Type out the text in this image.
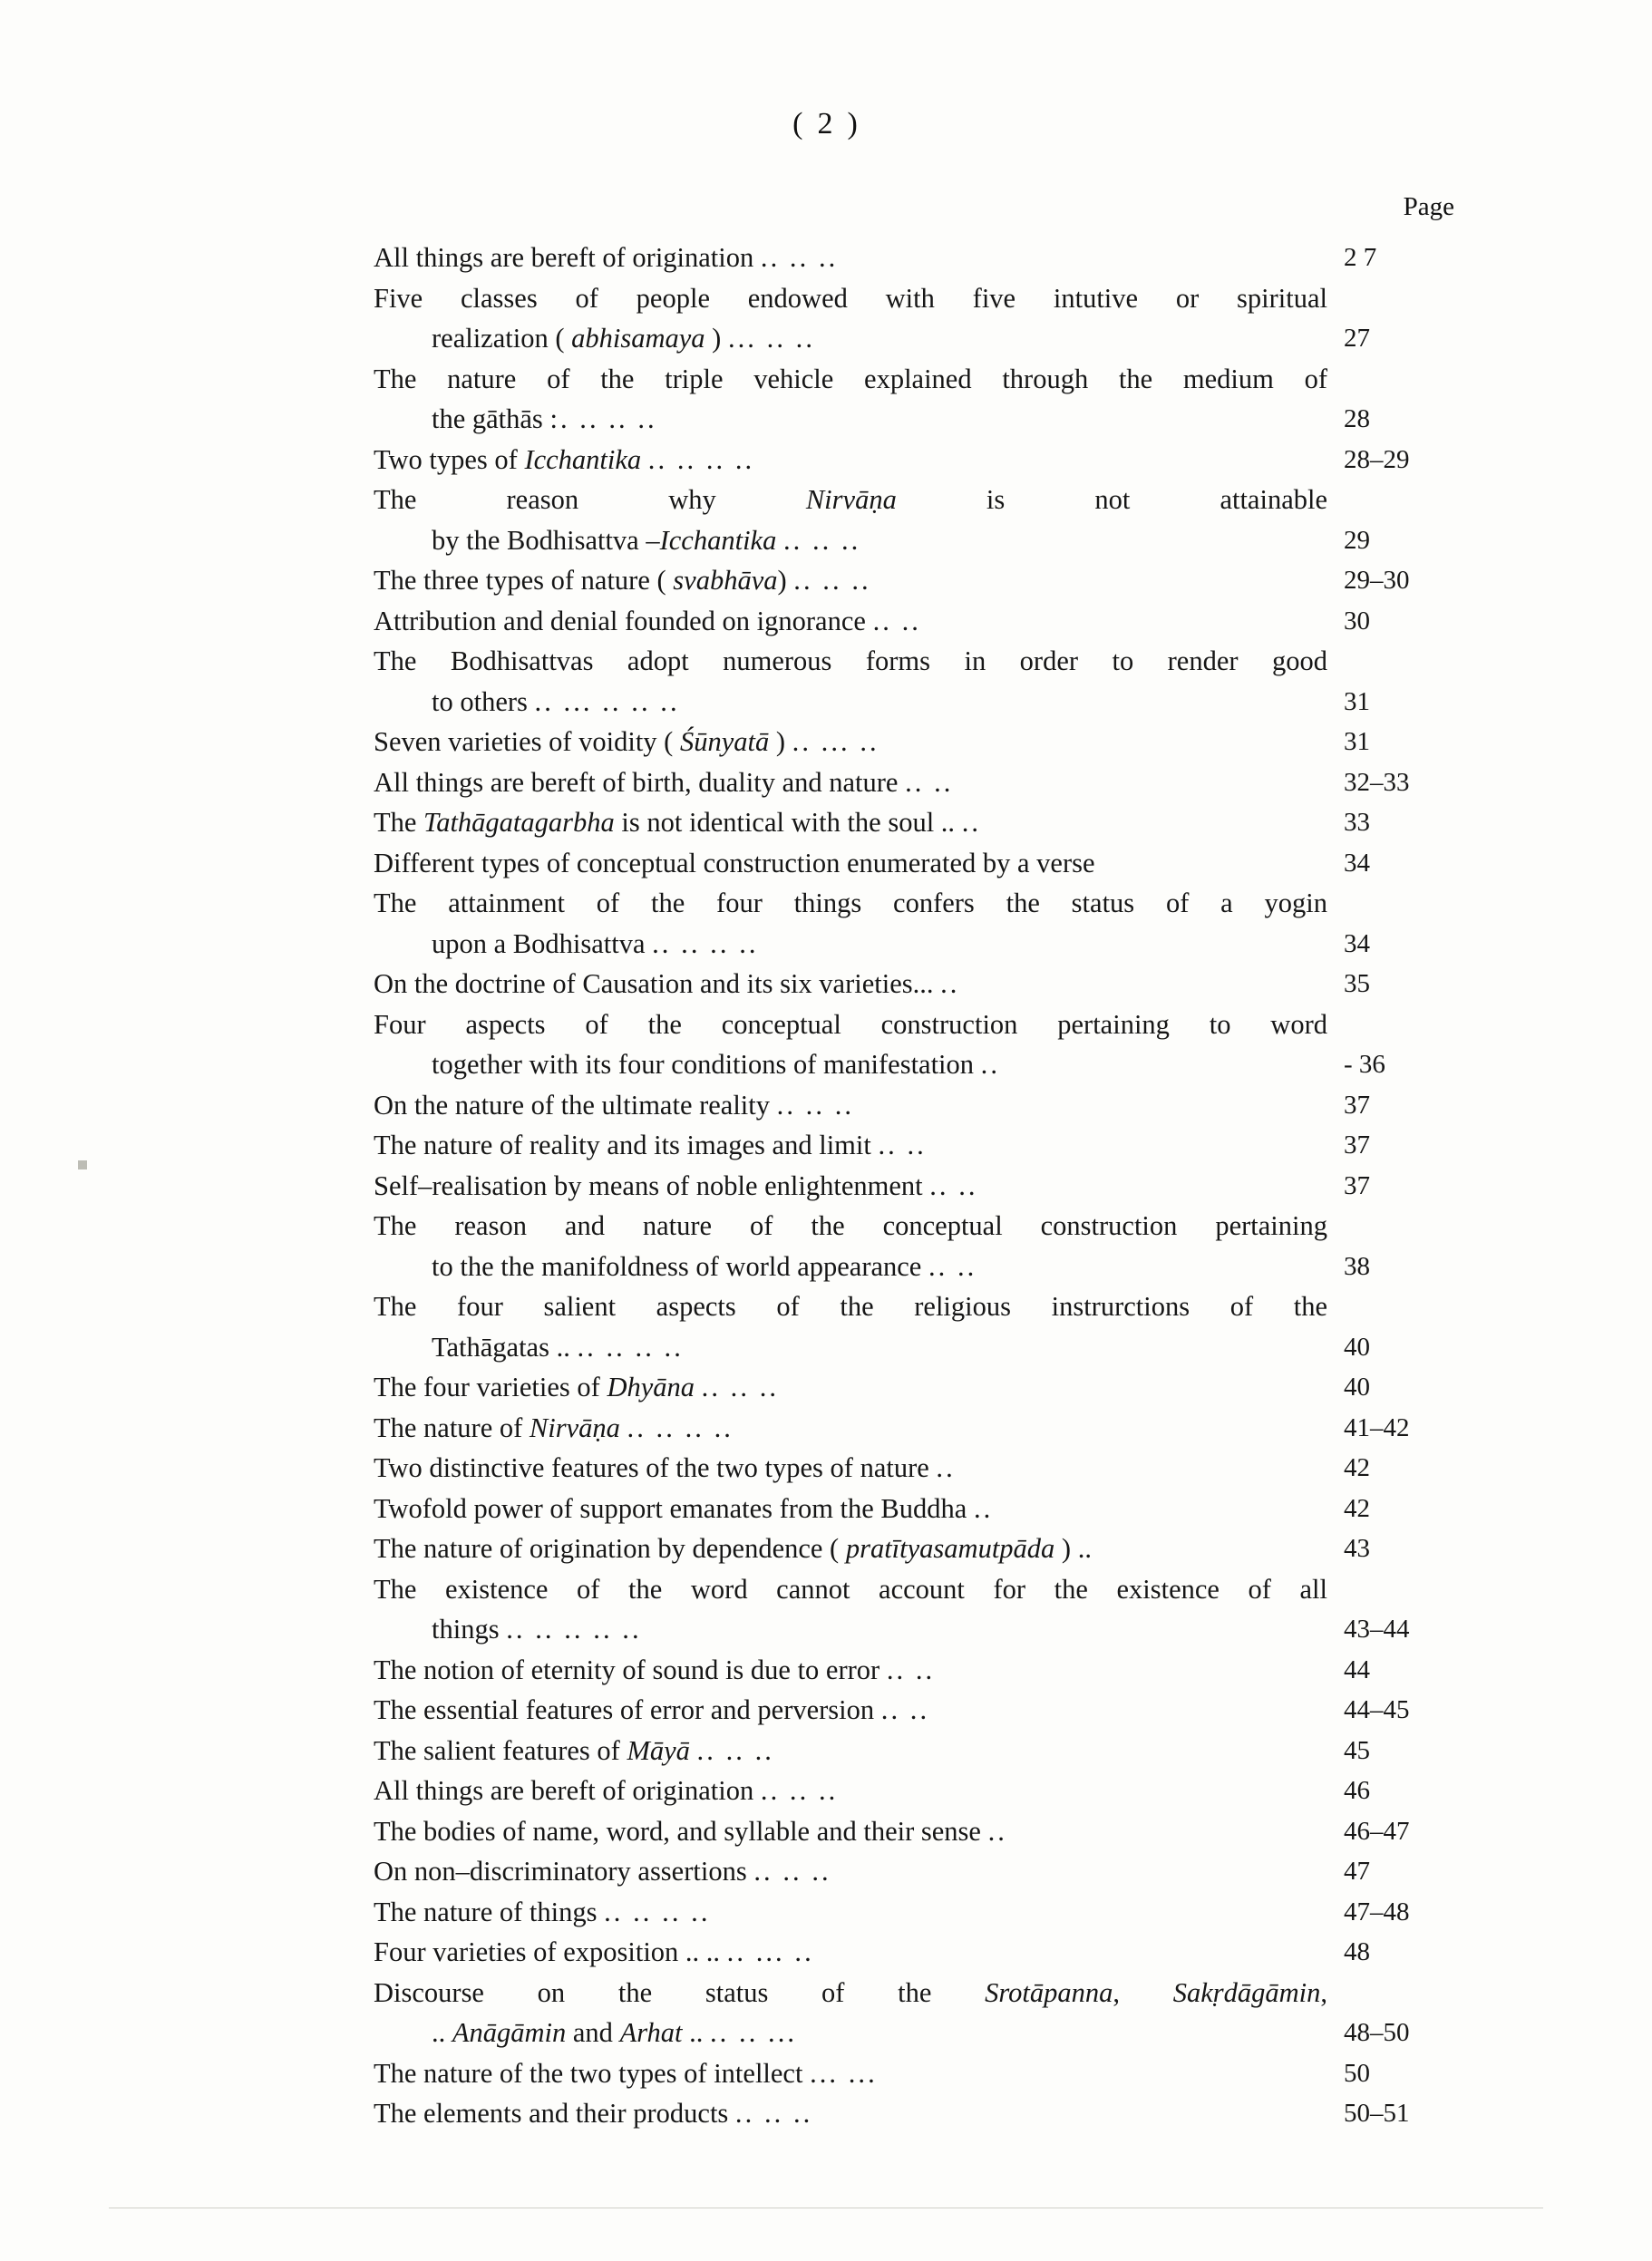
( 2 )
Page
All things are bereft of origination .. .. ..	2 7
Five classes of people endowed with five intutive or spiritual
realization ( abhisamaya ) ... .. ..	27
The nature of the triple vehicle explained through the medium of
the gāthās :. .. .. ..	28
Two types of Icchantika .. .. .. ..	28–29
The reason why Nirvāṇa is not attainable
by the Bodhisattva –Icchantika .. .. ..	29
The three types of nature ( svabhāva) .. .. ..	29–30
Attribution and denial founded on ignorance .. ..	30
The Bodhisattvas adopt numerous forms in order to render good
to others .. ... .. .. ..	31
Seven varieties of voidity ( Śūnyatā ) .. ... ..	31
All things are bereft of birth, duality and nature .. ..	32–33
The Tathāgatagarbha is not identical with the soul .. ..	33
Different types of conceptual construction enumerated by a verse	34
The attainment of the four things confers the status of a yogin
upon a Bodhisattva .. .. .. ..	34
On the doctrine of Causation and its six varieties... ..	35
Four aspects of the conceptual construction pertaining to word
together with its four conditions of manifestation ..	- 36
On the nature of the ultimate reality .. .. ..	37
The nature of reality and its images and limit .. ..	37
Self–realisation by means of noble enlightenment .. ..	37
The reason and nature of the conceptual construction pertaining
to the the manifoldness of world appearance .. ..	38
The four salient aspects of the religious instrurctions of the
Tathāgatas .. .. .. .. ..	40
The four varieties of Dhyāna .. .. ..	40
The nature of Nirvāṇa .. .. .. ..	41–42
Two distinctive features of the two types of nature ..	42
Twofold power of support emanates from the Buddha ..	42
The nature of origination by dependence ( pratītyasamutpāda ) ..	43
The existence of the word cannot account for the existence of all
things .. .. .. .. ..	43–44
The notion of eternity of sound is due to error .. ..	44
The essential features of error and perversion .. ..	44–45
The salient features of Māyā .. .. ..	45
All things are bereft of origination .. .. ..	46
The bodies of name, word, and syllable and their sense ..	46–47
On non–discriminatory assertions .. .. ..	47
The nature of things .. .. .. ..	47–48
Four varieties of exposition .. .. .. ... ..	48
Discourse on the status of the Srotāpanna, Sakṛdāgāmin,
.. Anāgāmin and Arhat .. .. .. ...	48–50
The nature of the two types of intellect ... ...	50
The elements and their products .. .. ..	50–51
